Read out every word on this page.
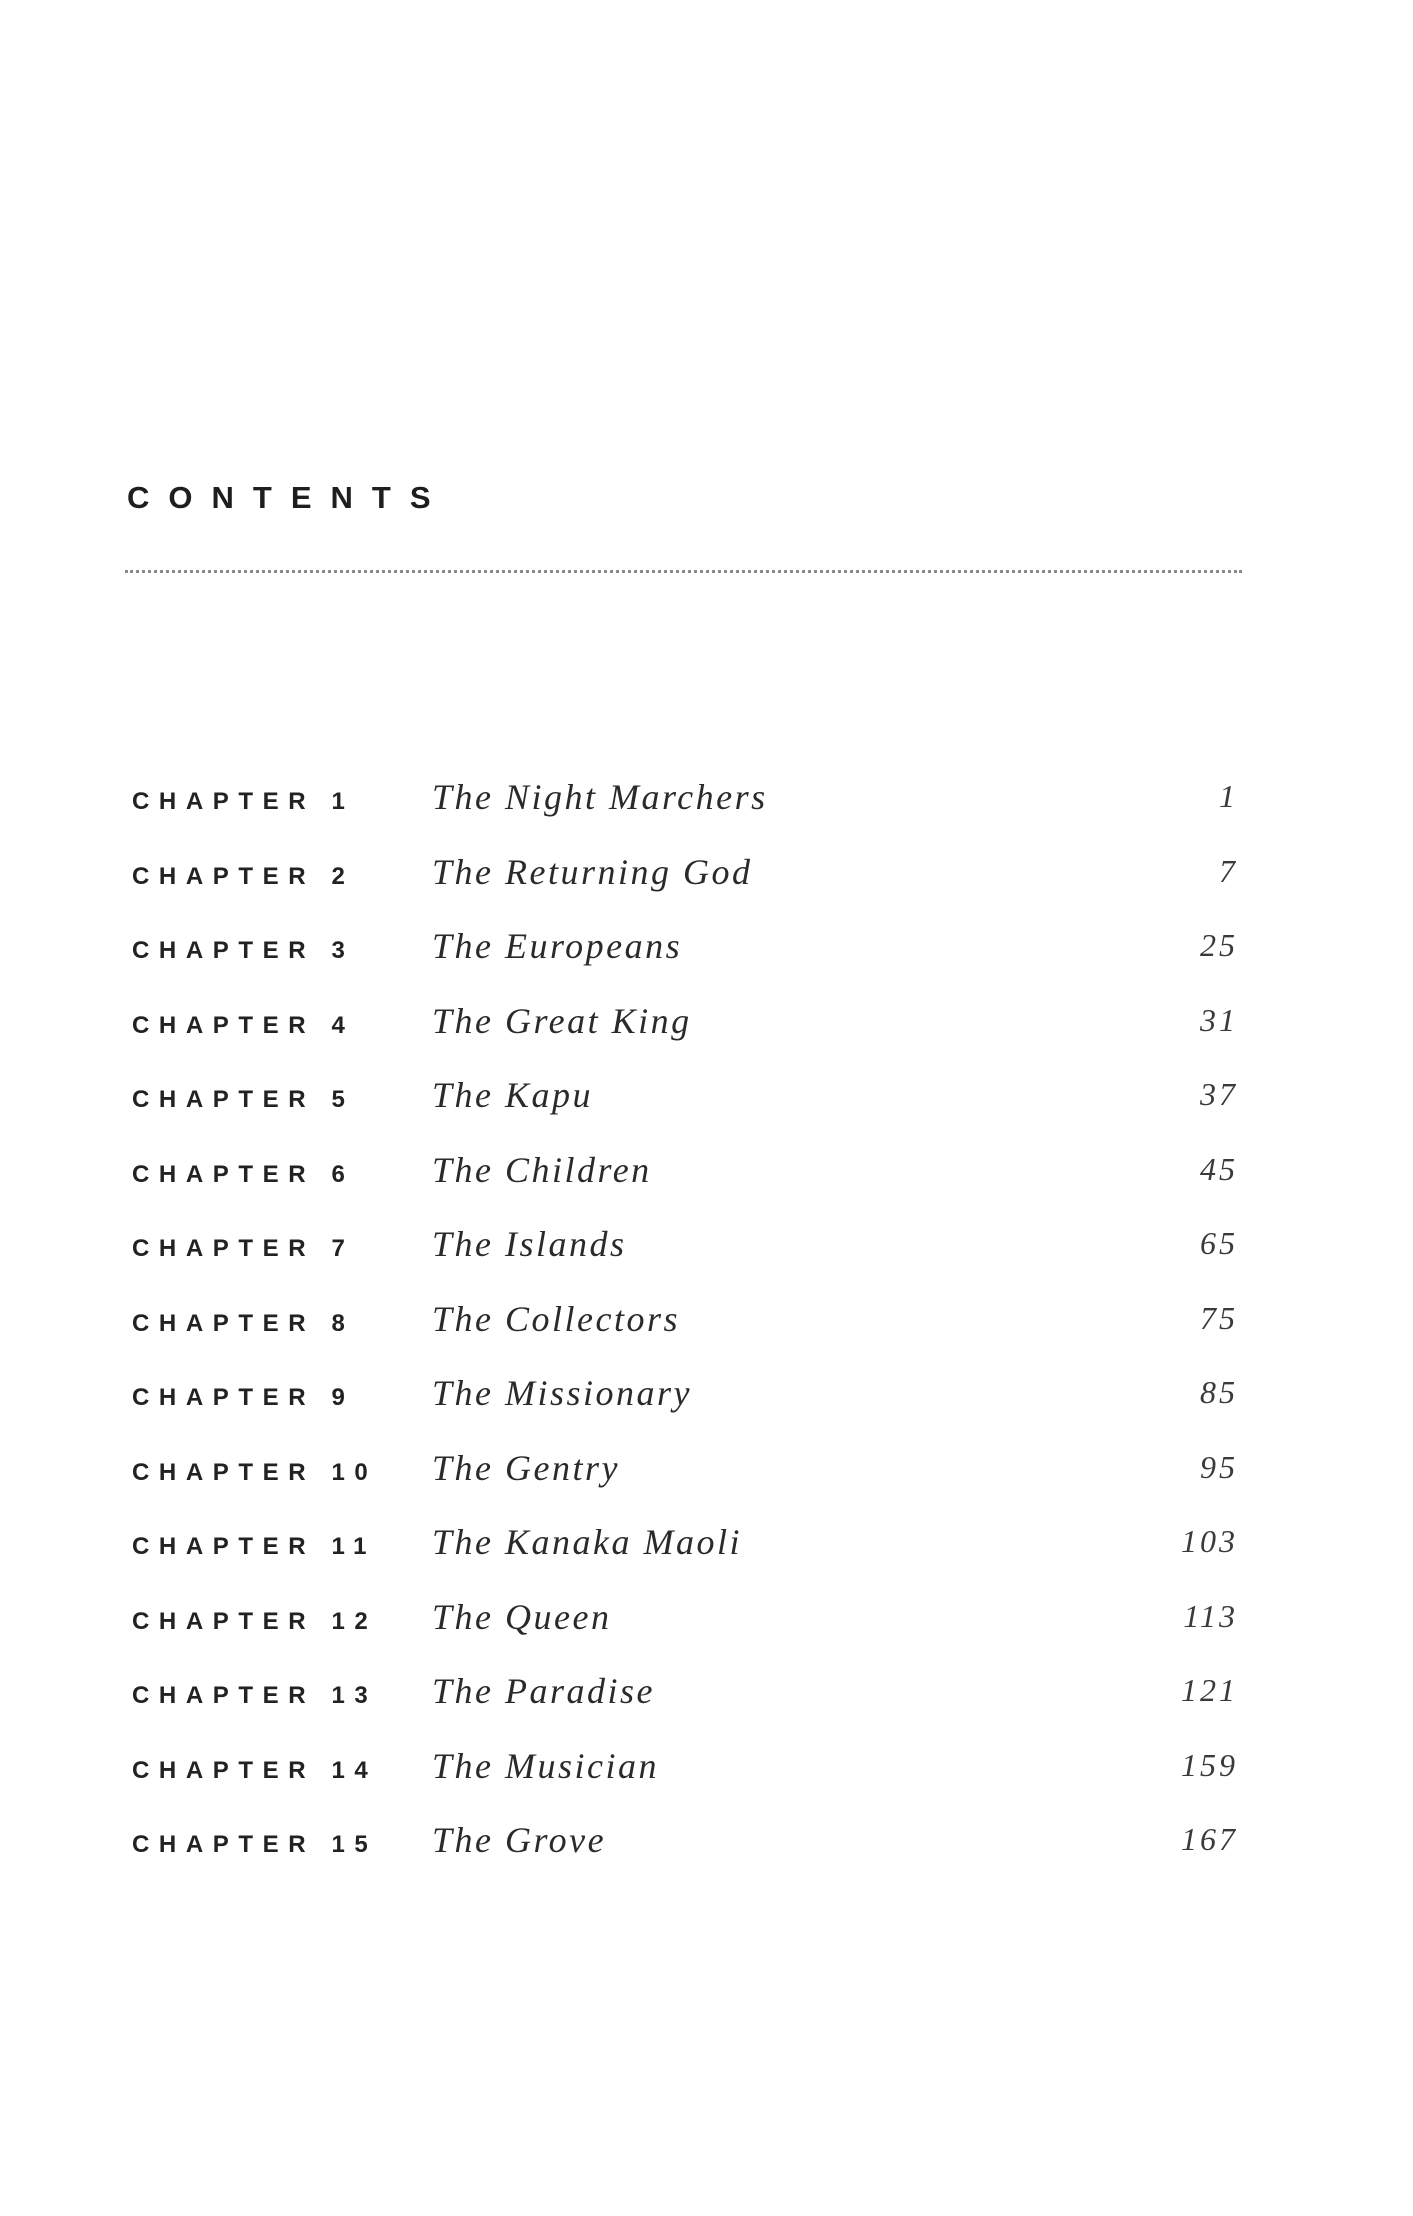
CONTENTS
CHAPTER 1 The Night Marchers	1
CHAPTER 2 The Returning God	7
CHAPTER 3 The Europeans	25
CHAPTER 4 The Great King	31
CHAPTER 5 The Kapu	37
CHAPTER 6 The Children	45
CHAPTER 7 The Islands	65
CHAPTER 8 The Collectors	75
CHAPTER 9 The Missionary	85
CHAPTER 10 The Gentry	95
CHAPTER 11 The Kanaka Maoli	103
CHAPTER 12 The Queen	113
CHAPTER 13 The Paradise	121
CHAPTER 14 The Musician	159
CHAPTER 15 The Grove	167
